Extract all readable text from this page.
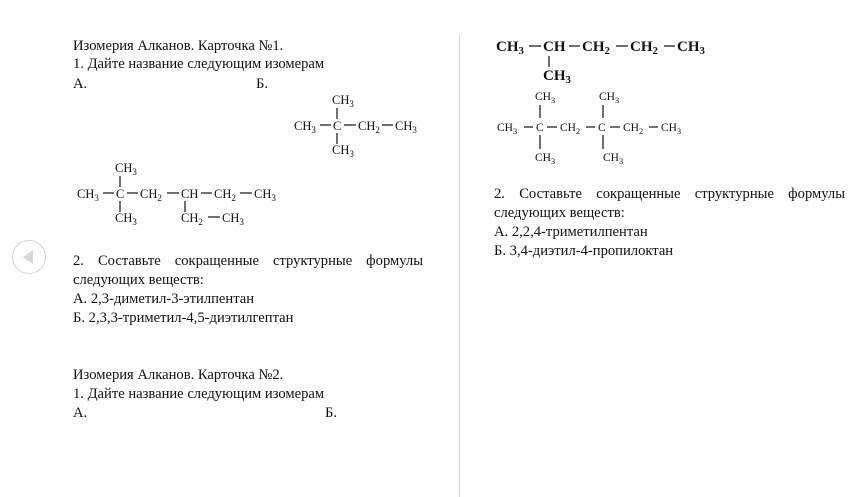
Изомерия Алканов. Карточка №1.
1. Дайте название следующим изомерам
А.	Б.
$CH_3$
$CH_3$ C $CH_2$ $CH_3$
$CH_3$
$CH_3$
$CH_3$ C $CH_2$ CH $CH_2$ $CH_3$
$CH_3$	$CH_2$ $CH_3$
2. Составьте сокращенные структурные формулы
следующих веществ:
А. 2,3-диметил-3-этилпентан
Б. 2,3,3-триметил-4,5-диэтилгептан
Изомерия Алканов. Карточка №2.
1. Дайте название следующим изомерам
А.	Б.
$CH_3$ CH $CH_2$ $CH_2$ $CH_3$
$CH_3$
$CH_3$	$CH_3$
$CH_3$ C $CH_2$ C $CH_2$ $CH_3$
$CH_3$	$CH_3$
2. Составьте сокращенные структурные формулы
следующих веществ:
А. 2,2,4-триметилпентан
Б. 3,4-диэтил-4-пропилоктан
